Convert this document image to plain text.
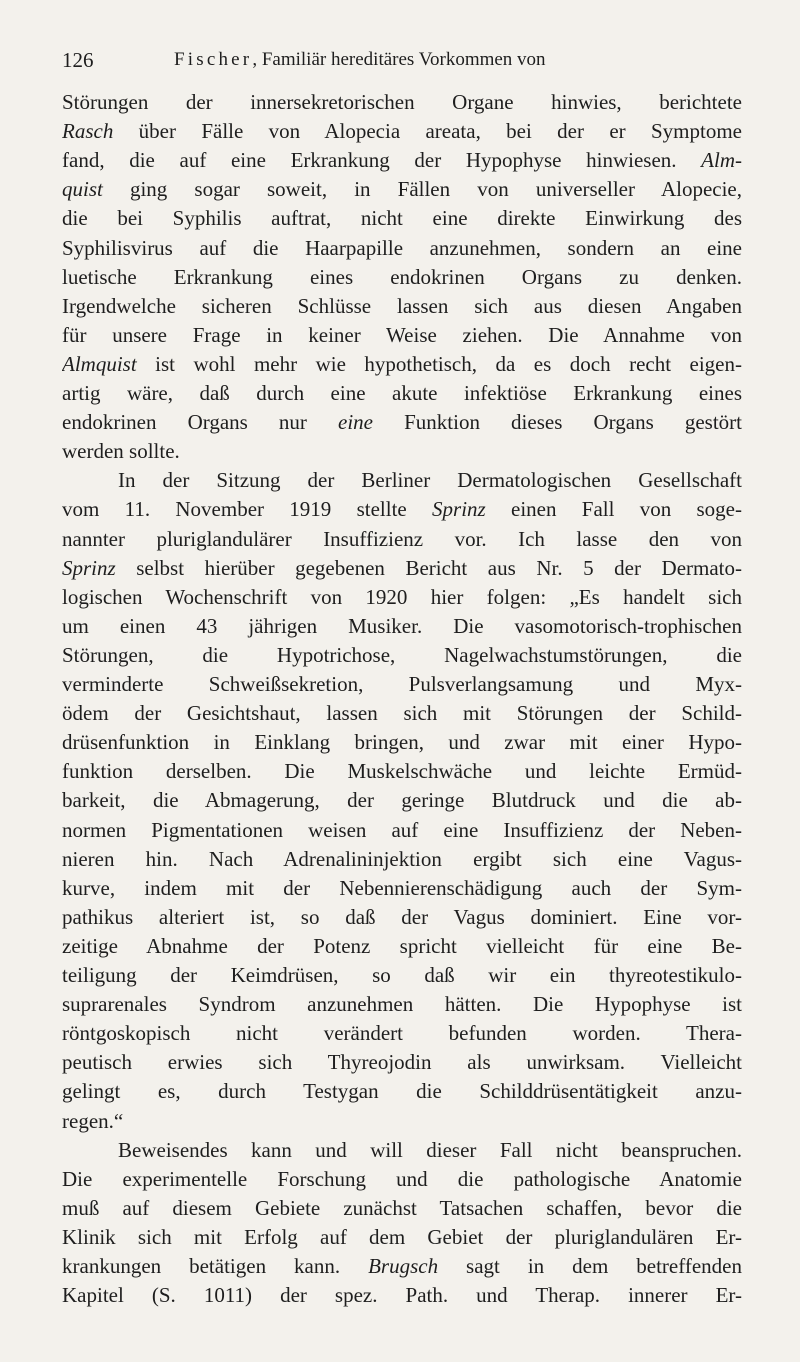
126	Fischer, Familiär hereditäres Vorkommen von
Störungen der innersekretorischen Organe hinwies, berichtete
Rasch über Fälle von Alopecia areata, bei der er Symptome
fand, die auf eine Erkrankung der Hypophyse hinwiesen. Alm-
quist ging sogar soweit, in Fällen von universeller Alopecie,
die bei Syphilis auftrat, nicht eine direkte Einwirkung des
Syphilisvirus auf die Haarpapille anzunehmen, sondern an eine
luetische Erkrankung eines endokrinen Organs zu denken.
Irgendwelche sicheren Schlüsse lassen sich aus diesen Angaben
für unsere Frage in keiner Weise ziehen. Die Annahme von
Almquist ist wohl mehr wie hypothetisch, da es doch recht eigen-
artig wäre, daß durch eine akute infektiöse Erkrankung eines
endokrinen Organs nur eine Funktion dieses Organs gestört
werden sollte.
In der Sitzung der Berliner Dermatologischen Gesellschaft
vom 11. November 1919 stellte Sprinz einen Fall von soge-
nannter pluriglandulärer Insuffizienz vor. Ich lasse den von
Sprinz selbst hierüber gegebenen Bericht aus Nr. 5 der Dermato-
logischen Wochenschrift von 1920 hier folgen: „Es handelt sich
um einen 43 jährigen Musiker. Die vasomotorisch-trophischen
Störungen, die Hypotrichose, Nagelwachstumstörungen, die
verminderte Schweißsekretion, Pulsverlangsamung und Myx-
ödem der Gesichtshaut, lassen sich mit Störungen der Schild-
drüsenfunktion in Einklang bringen, und zwar mit einer Hypo-
funktion derselben. Die Muskelschwäche und leichte Ermüd-
barkeit, die Abmagerung, der geringe Blutdruck und die ab-
normen Pigmentationen weisen auf eine Insuffizienz der Neben-
nieren hin. Nach Adrenalininjektion ergibt sich eine Vagus-
kurve, indem mit der Nebennierenschädigung auch der Sym-
pathikus alteriert ist, so daß der Vagus dominiert. Eine vor-
zeitige Abnahme der Potenz spricht vielleicht für eine Be-
teiligung der Keimdrüsen, so daß wir ein thyreotestikulo-
suprarenales Syndrom anzunehmen hätten. Die Hypophyse ist
röntgoskopisch nicht verändert befunden worden. Thera-
peutisch erwies sich Thyreojodin als unwirksam. Vielleicht
gelingt es, durch Testygan die Schilddrüsentätigkeit anzu-
regen.“
Beweisendes kann und will dieser Fall nicht beanspruchen.
Die experimentelle Forschung und die pathologische Anatomie
muß auf diesem Gebiete zunächst Tatsachen schaffen, bevor die
Klinik sich mit Erfolg auf dem Gebiet der pluriglandulären Er-
krankungen betätigen kann. Brugsch sagt in dem betreffenden
Kapitel (S. 1011) der spez. Path. und Therap. innerer Er-
